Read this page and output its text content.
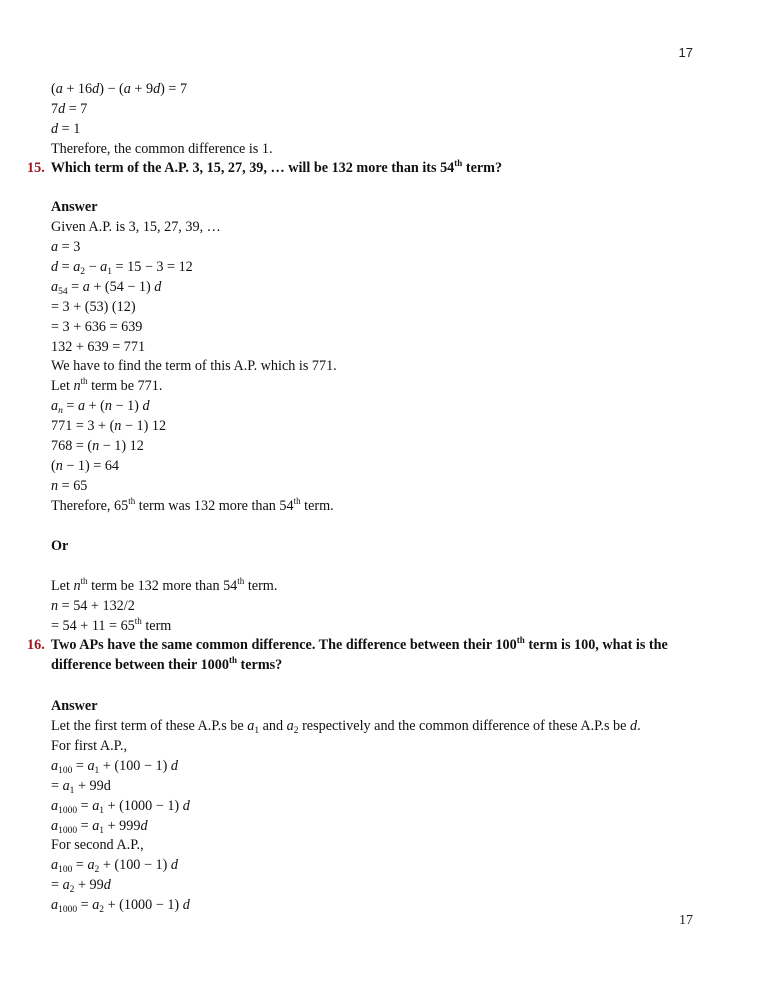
17
(a + 16d) − (a + 9d) = 7
7d = 7
d = 1
Therefore, the common difference is 1.
15. Which term of the A.P. 3, 15, 27, 39, … will be 132 more than its 54th term?
Answer
Given A.P. is 3, 15, 27, 39, …
a = 3
$d = a_2 - a_1 = 15 - 3 = 12$
$a_{54} = a + (54 - 1)$ d
= 3 + (53) (12)
= 3 + 636 = 639
132 + 639 = 771
We have to find the term of this A.P. which is 771.
Let $n^{th}$ term be 771.
$a_n = a + (n - 1)$ d
771 = 3 + (n − 1) 12
768 = (n − 1) 12
(n − 1) = 64
n = 65
Therefore, 65th term was 132 more than 54th term.
Or
Let $n^{th}$ term be 132 more than 54th term.
n = 54 + 132/2
= 54 + 11 = 65th term
16. Two APs have the same common difference. The difference between their 100th term is 100, what is the
difference between their 1000th terms?
Answer
Let the first term of these A.P.s be $a_1$ and $a_2$ respectively and the common difference of these A.P.s be d.
For first A.P.,
$a_{100} = a_1 + (100 - 1)$ d
= $a_1 + 99d$
$a_{1000} = a_1 + (1000 - 1)$ d
$a_{1000} = a_1 + 999d$
For second A.P.,
$a_{100} = a_2 + (100 - 1)$ d
= $a_2 + 99d$
$a_{1000} = a_2 + (1000 - 1)$ d
17
